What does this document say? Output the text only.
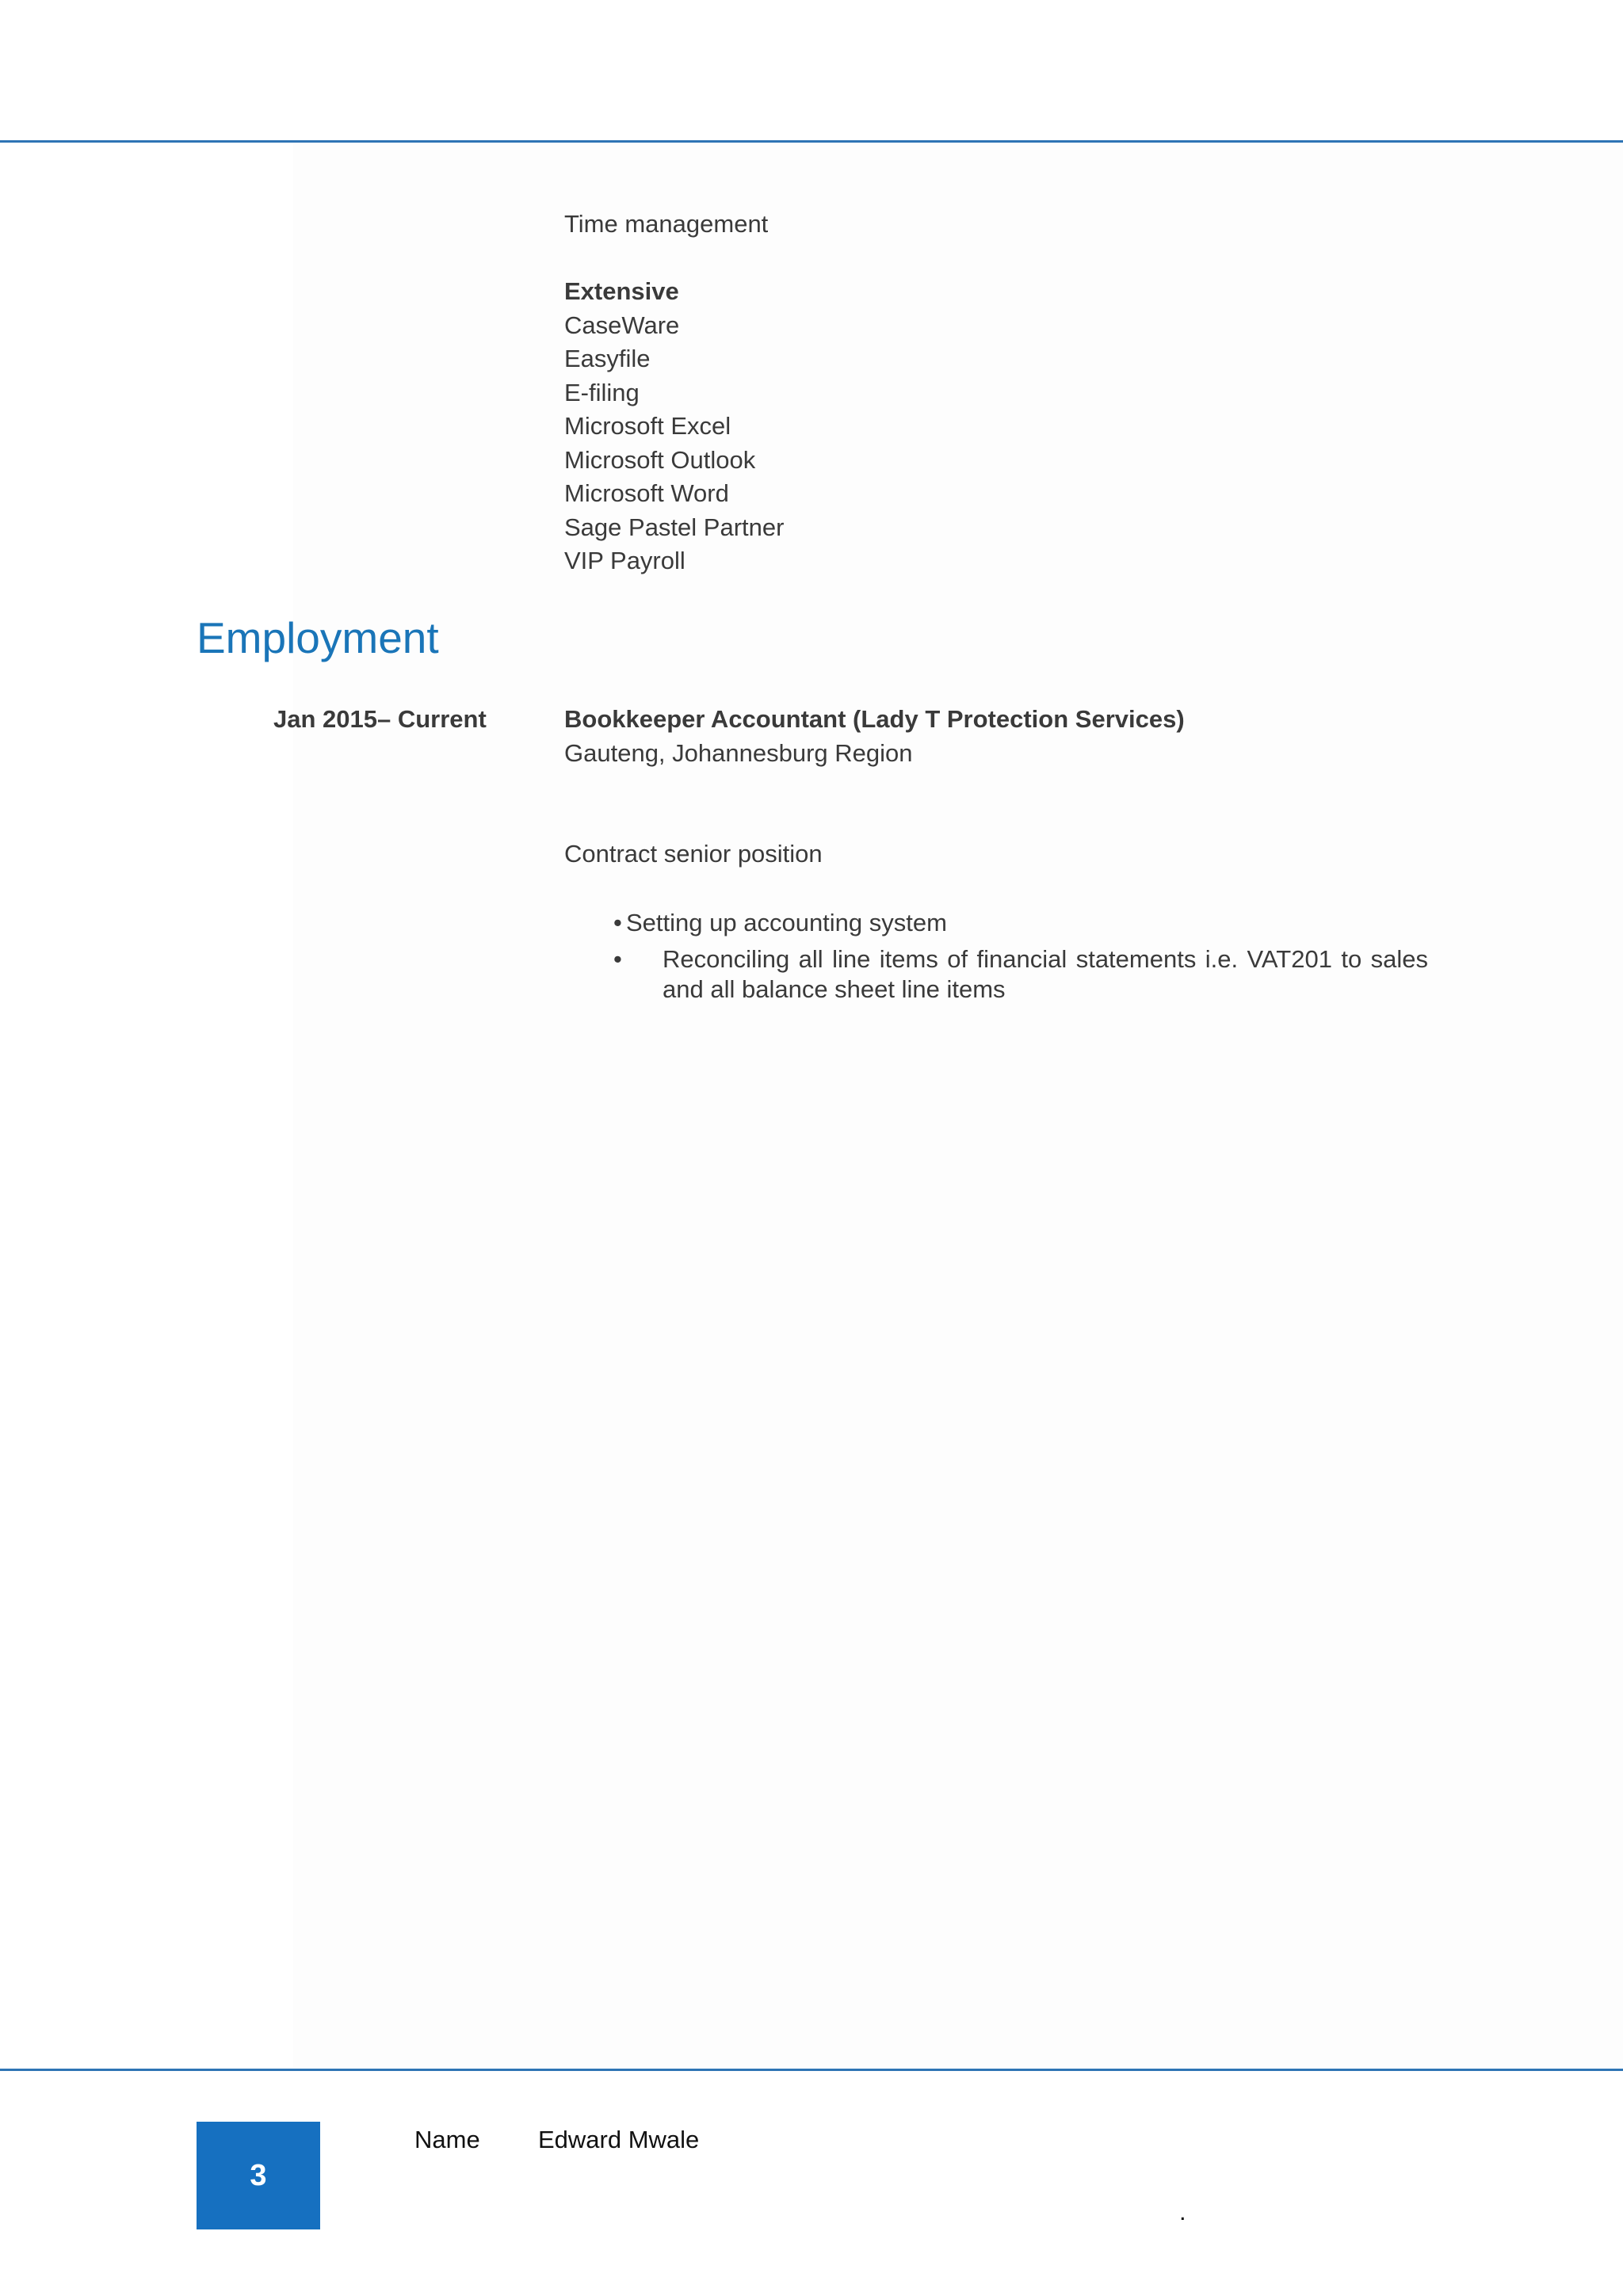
Time management
Extensive
CaseWare
Easyfile
E-filing
Microsoft Excel
Microsoft Outlook
Microsoft Word
Sage Pastel Partner
VIP Payroll
Employment
Jan 2015– Current	Bookkeeper Accountant (Lady T Protection Services)
Gauteng, Johannesburg Region
Contract senior position
• Setting up accounting system
• Reconciling all line items of financial statements i.e. VAT201 to sales and all balance sheet line items
3
Name Edward Mwale
.
